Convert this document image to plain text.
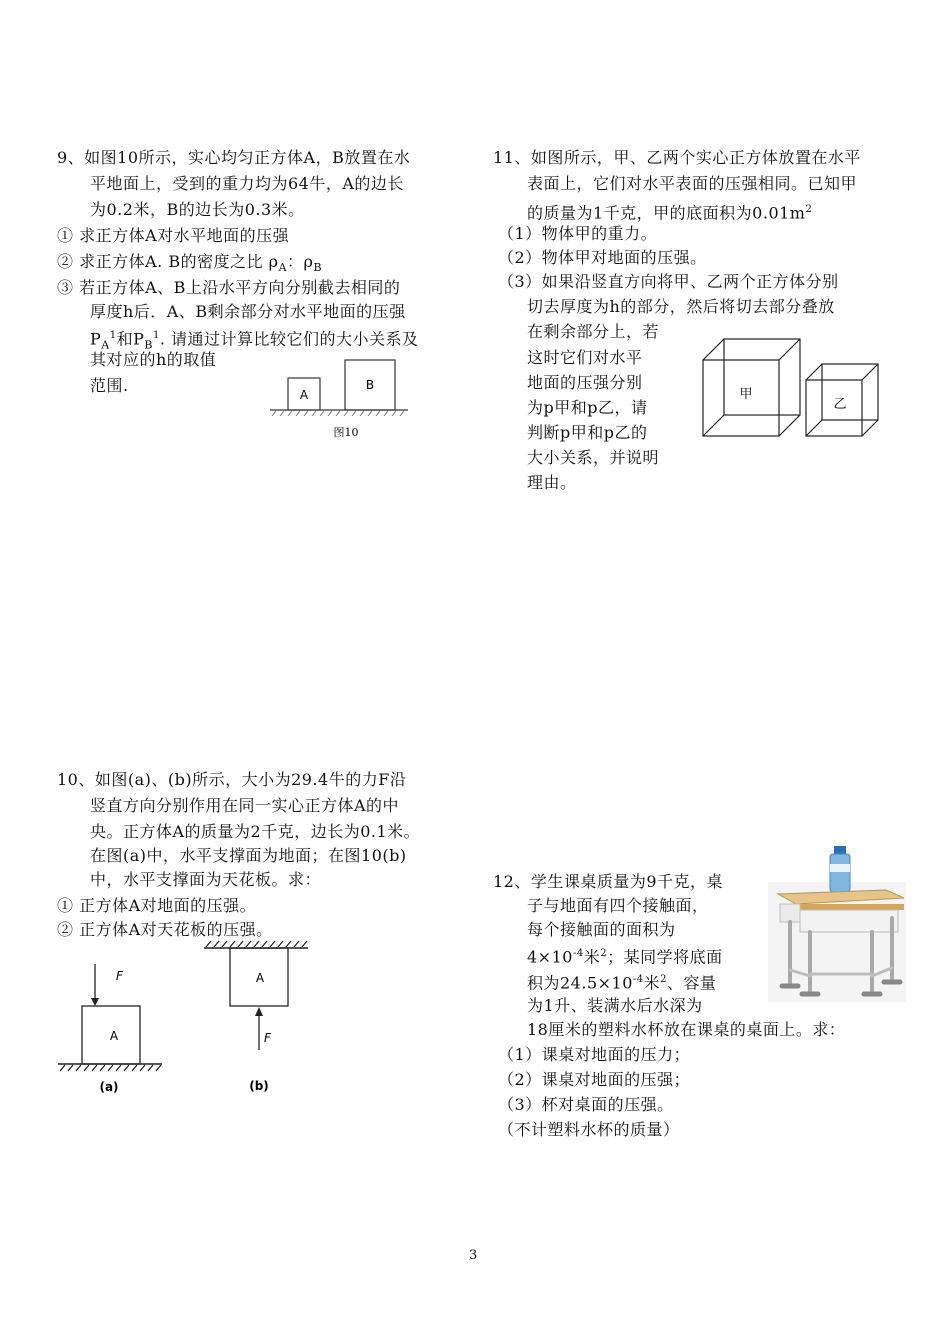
9、如图10所示，实心均匀正方体A，B放置在水
平地面上，受到的重力均为64牛，A的边长
为0.2米，B的边长为0.3米。
① 求正方体A对水平地面的压强
② 求正方体A. B的密度之比 $\rho_A$：$\rho_B$
③ 若正方体A、B上沿水平方向分别截去相同的
厚度h后．A、B剩余部分对水平地面的压强
$P_A^1$和$P_B^1$. 请通过计算比较它们的大小关系及
其对应的h的取值
范围.	A
B
图10
11、如图所示，甲、乙两个实心正方体放置在水平
表面上，它们对水平表面的压强相同。已知甲
的质量为1千克，甲的底面积为$0.01m^2$
（1）物体甲的重力。
（2）物体甲对地面的压强。
（3）如果沿竖直方向将甲、乙两个正方体分别
切去厚度为h的部分，然后将切去部分叠放
在剩余部分上，若
这时它们对水平
地面的压强分别
为p甲和p乙，请
判断p甲和p乙的
大小关系，并说明
理由。
甲
乙
10、如图(a)、(b)所示，大小为29.4牛的力F沿
竖直方向分别作用在同一实心正方体A的中
央。正方体A的质量为2千克，边长为0.1米。
在图(a)中，水平支撑面为地面；在图10(b)
中，水平支撑面为天花板。求：
① 正方体A对地面的压强。
② 正方体A对天花板的压强。
F
A
(a)
A
F
(b)
12、学生课桌质量为9千克，桌
子与地面有四个接触面，
每个接触面的面积为
$4\times 10^{-4}$米$^2$；某同学将底面
积为$24.5\times 10^{-4}$米$^2$、容量
为1升、装满水后水深为
18厘米的塑料水杯放在课桌的桌面上。求：
（1）课桌对地面的压力；
（2）课桌对地面的压强；
（3）杯对桌面的压强。
（不计塑料水杯的质量）
3
